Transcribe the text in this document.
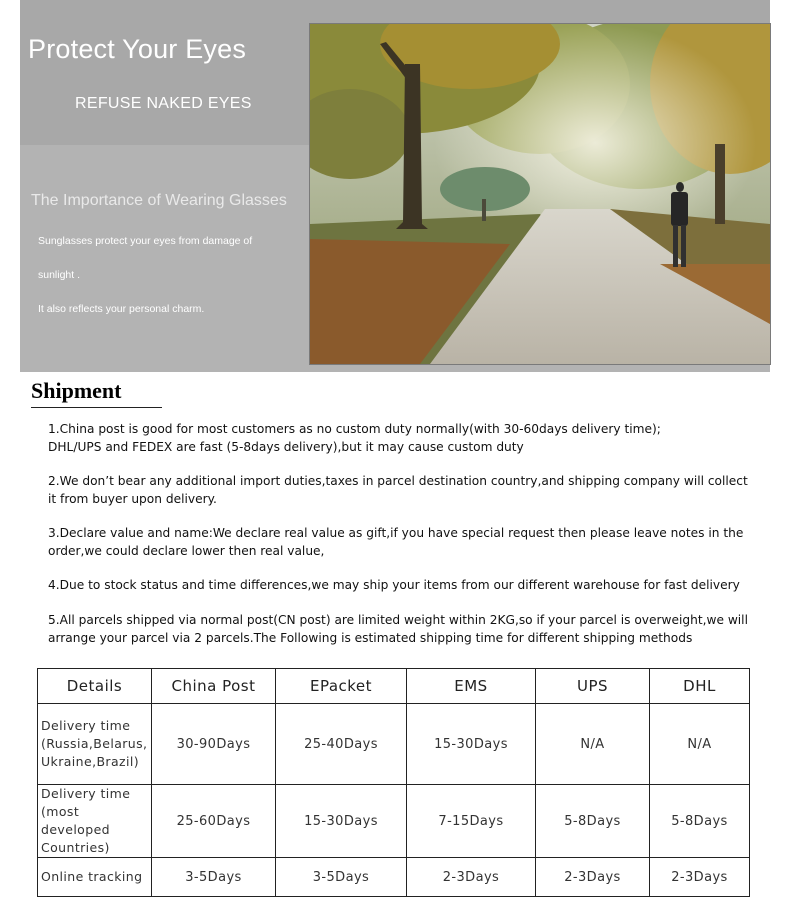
Protect Your Eyes
REFUSE NAKED EYES
The Importance of Wearing Glasses
Sunglasses protect your eyes from damage of
sunlight .
It also reflects your personal charm.
Shipment
1.China post is good for most customers as no custom duty normally(with 30-60days delivery time);
DHL/UPS and FEDEX are fast (5-8days delivery),but it may cause custom duty
2.We don’t bear any additional import duties,taxes in parcel destination country,and shipping company will collect
it from buyer upon delivery.
3.Declare value and name:We declare real value as gift,if you have special request then please leave notes in the
order,we could declare lower then real value,
4.Due to stock status and time differences,we may ship your items from our different warehouse for fast delivery
5.All parcels shipped via normal post(CN post) are limited weight within 2KG,so if your parcel is overweight,we will
arrange your parcel via 2 parcels.The Following is estimated shipping time for different shipping methods
Details	China Post	EPacket	EMS	UPS	DHL

Delivery time
(Russia,Belarus,
Ukraine,Brazil)	30-90Days	25-40Days	15-30Days	N/A	N/A

Delivery time
(most developed
Countries)	25-60Days	15-30Days	7-15Days	5-8Days	5-8Days

Online tracking	3-5Days	3-5Days	2-3Days	2-3Days	2-3Days
